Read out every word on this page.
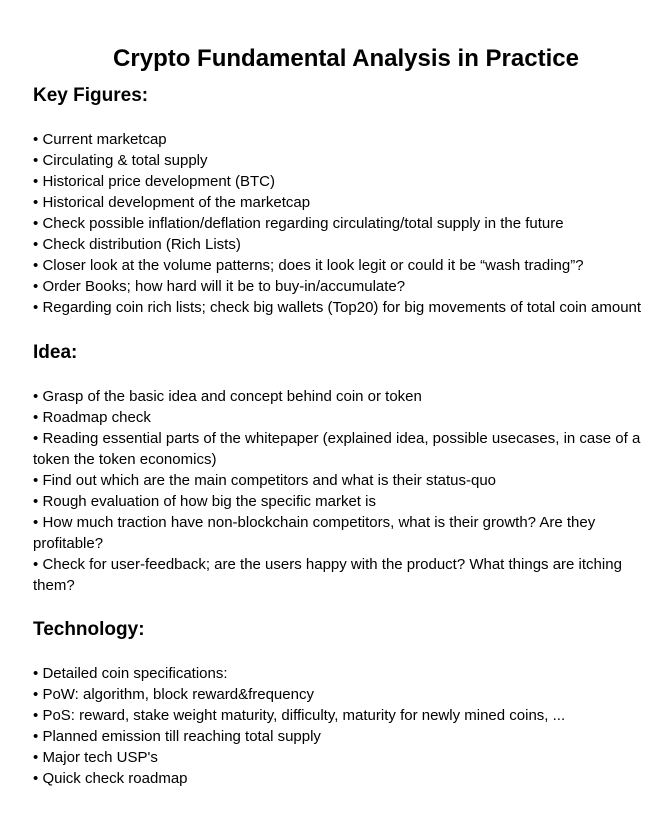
Crypto Fundamental Analysis in Practice
Key Figures:
• Current marketcap
• Circulating & total supply
• Historical price development (BTC)
• Historical development of the marketcap
• Check possible inflation/deflation regarding circulating/total supply in the future
• Check distribution (Rich Lists)
• Closer look at the volume patterns; does it look legit or could it be “wash trading”?
• Order Books; how hard will it be to buy-in/accumulate?
• Regarding coin rich lists; check big wallets (Top20) for big movements of total coin amount
Idea:
• Grasp of the basic idea and concept behind coin or token
• Roadmap check
• Reading essential parts of the whitepaper (explained idea, possible usecases, in case of a token the token economics)
• Find out which are the main competitors and what is their status-quo
• Rough evaluation of how big the specific market is
• How much traction have non-blockchain competitors, what is their growth? Are they profitable?
• Check for user-feedback; are the users happy with the product? What things are itching them?
Technology:
• Detailed coin specifications:
• PoW: algorithm, block reward&frequency
• PoS: reward, stake weight maturity, difficulty, maturity for newly mined coins, ...
• Planned emission till reaching total supply
• Major tech USP's
• Quick check roadmap
